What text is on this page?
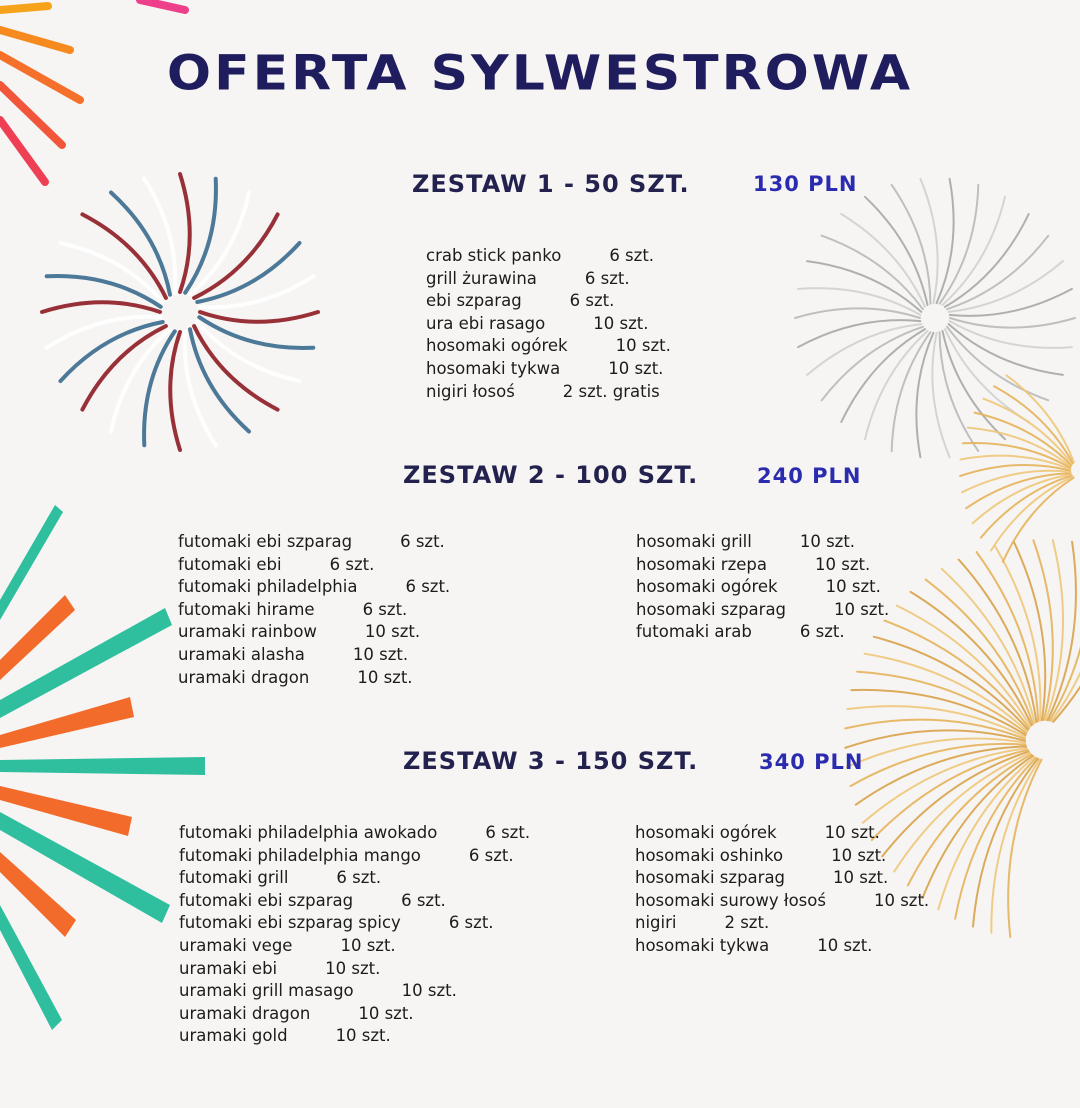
OFERTA SYLWESTROWA
ZESTAW 1 - 50 SZT.	130 PLN
crab stick panko	6 szt.
grill żurawina	6 szt.
ebi szparag	6 szt.
ura ebi rasago	10 szt.
hosomaki ogórek	10 szt.
hosomaki tykwa	10 szt.
nigiri łosoś	2 szt. gratis
ZESTAW 2 - 100 SZT.	240 PLN
futomaki ebi szparag	6 szt.
futomaki ebi	6 szt.
futomaki philadelphia	6 szt.
futomaki hirame	6 szt.
uramaki rainbow	10 szt.
uramaki alasha	10 szt.
uramaki dragon	10 szt.
hosomaki grill	10 szt.
hosomaki rzepa	10 szt.
hosomaki ogórek	10 szt.
hosomaki szparag	10 szt.
futomaki arab	6 szt.
ZESTAW 3 - 150 SZT.	340 PLN
futomaki philadelphia awokado	6 szt.
futomaki philadelphia mango	6 szt.
futomaki grill	6 szt.
futomaki ebi szparag	6 szt.
futomaki ebi szparag spicy	6 szt.
uramaki vege	10 szt.
uramaki ebi	10 szt.
uramaki grill masago	10 szt.
uramaki dragon	10 szt.
uramaki gold	10 szt.
hosomaki ogórek	10 szt.
hosomaki oshinko	10 szt.
hosomaki szparag	10 szt.
hosomaki surowy łosoś	10 szt.
nigiri	2 szt.
hosomaki tykwa	10 szt.
